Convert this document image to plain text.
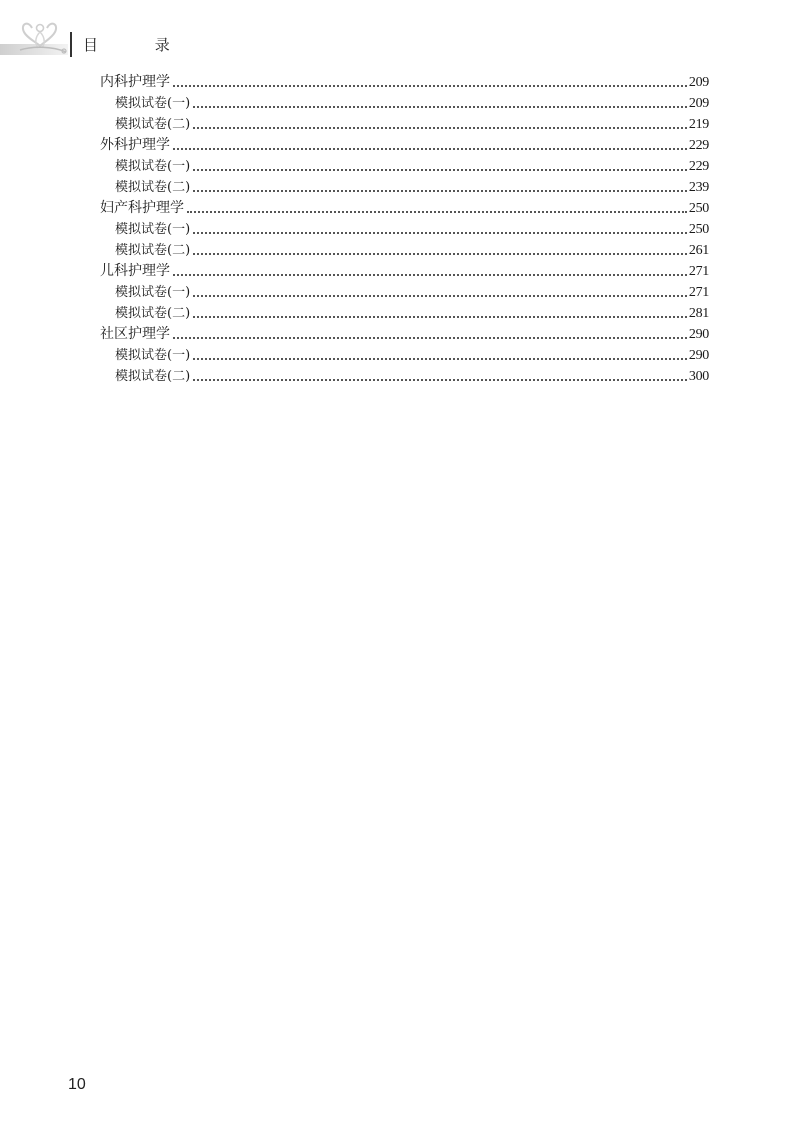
目 录
内科护理学	209
模拟试卷(一)	209
模拟试卷(二)	219
外科护理学	229
模拟试卷(一)	229
模拟试卷(二)	239
妇产科护理学	250
模拟试卷(一)	250
模拟试卷(二)	261
儿科护理学	271
模拟试卷(一)	271
模拟试卷(二)	281
社区护理学	290
模拟试卷(一)	290
模拟试卷(二)	300
10
